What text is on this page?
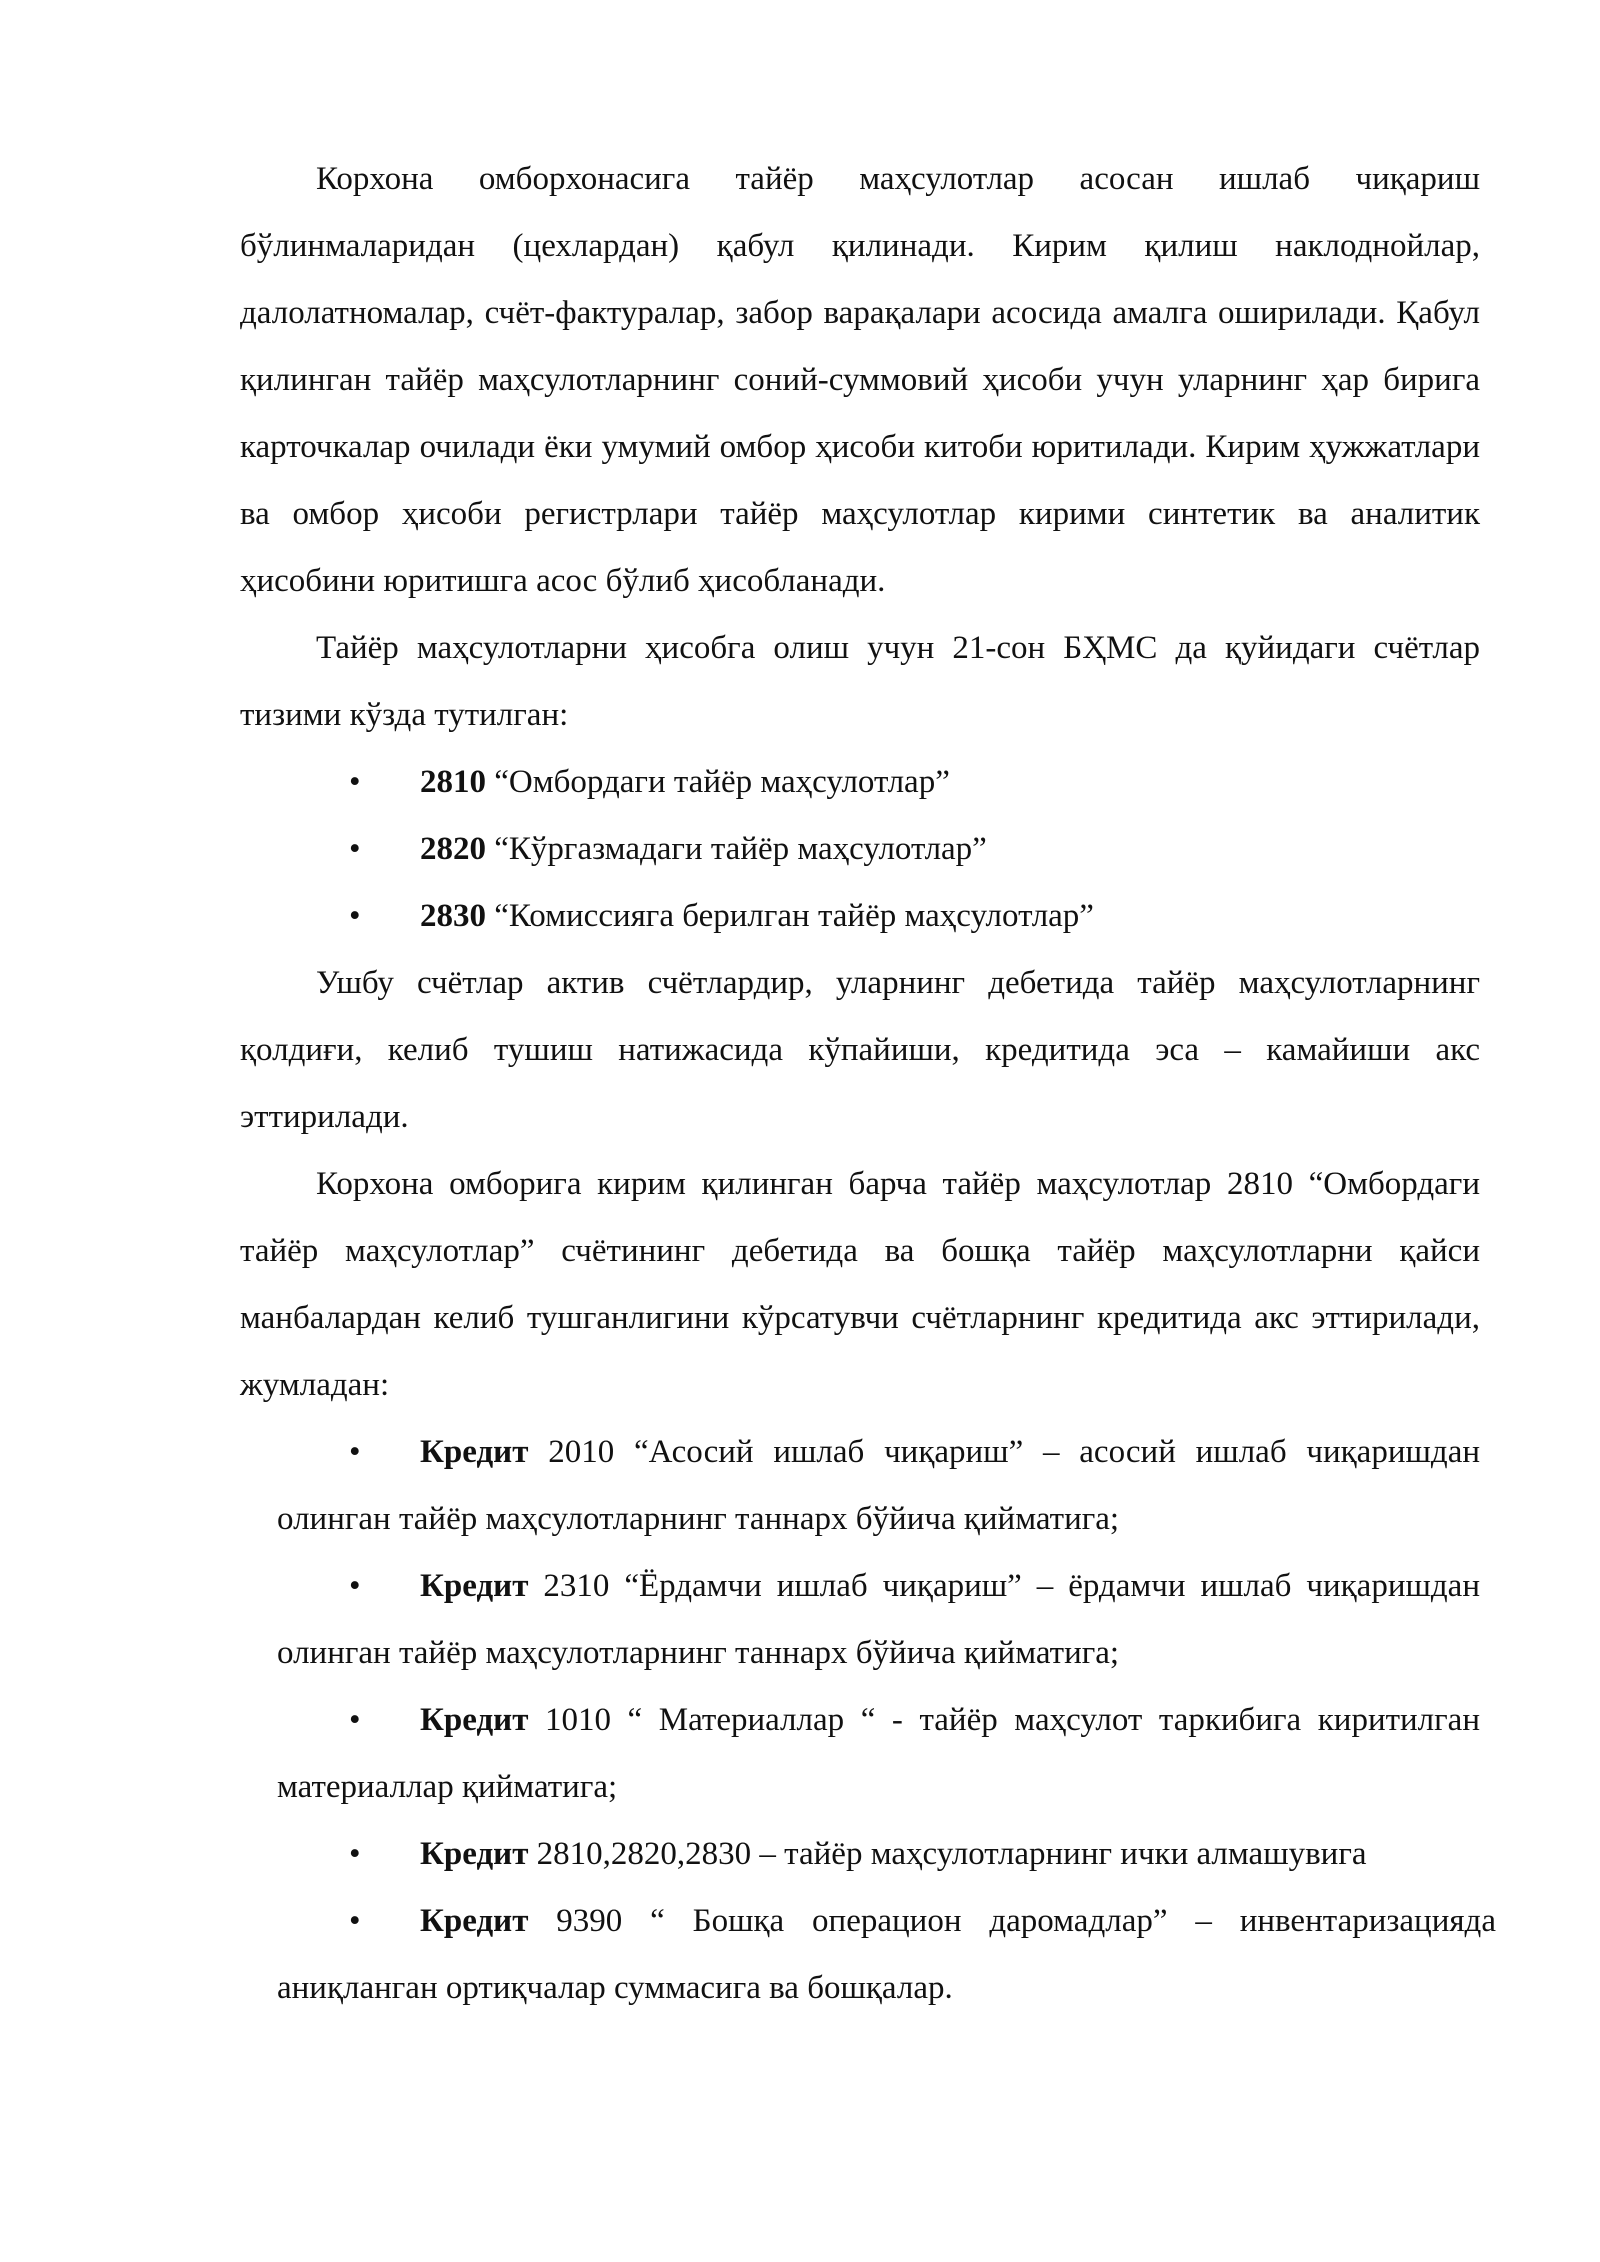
Корхона омборхонасига тайёр маҳсулотлар асосан ишлаб чиқариш бўлинмаларидан (цехлардан) қабул қилинади. Кирим қилиш наклоднойлар, далолатномалар, счёт-фактуралар, забор варақалари асосида амалга оширилади. Қабул қилинган тайёр маҳсулотларнинг соний-суммовий ҳисоби учун уларнинг ҳар бирига карточкалар очилади ёки умумий омбор ҳисоби китоби юритилади. Кирим ҳужжатлари ва омбор ҳисоби регистрлари тайёр маҳсулотлар кирими синтетик ва аналитик ҳисобини юритишга асос бўлиб ҳисобланади.

Тайёр маҳсулотларни ҳисобга олиш учун 21-сон БҲМС да қуйидаги счётлар тизими кўзда тутилган:

• 2810 “Омбордаги тайёр маҳсулотлар”
• 2820 “Кўргазмадаги тайёр маҳсулотлар”
• 2830 “Комиссияга берилган тайёр маҳсулотлар”

Ушбу счётлар актив счётлардир, уларнинг дебетида тайёр маҳсулотларнинг қолдиғи, келиб тушиш натижасида кўпайиши, кредитида эса – камайиши акс эттирилади.

Корхона омборига кирим қилинган барча тайёр маҳсулотлар 2810 “Омбордаги тайёр маҳсулотлар” счётининг дебетида ва бошқа тайёр маҳсулотларни қайси манбалардан келиб тушганлигини кўрсатувчи счётларнинг кредитида акс эттирилади, жумладан:

• Кредит 2010 “Асосий ишлаб чиқариш” – асосий ишлаб чиқаришдан олинган тайёр маҳсулотларнинг таннарх бўйича қийматига;
• Кредит 2310 “Ёрдамчи ишлаб чиқариш” – ёрдамчи ишлаб чиқаришдан олинган тайёр маҳсулотларнинг таннарх бўйича қийматига;
• Кредит 1010 “ Материаллар “ - тайёр маҳсулот таркибига киритилган материаллар қийматига;
• Кредит 2810,2820,2830 – тайёр маҳсулотларнинг ички алмашувига
• Кредит 9390 “ Бошқа операцион даромадлар” – инвентаризацияда аниқланган ортиқчалар суммасига ва бошқалар.
